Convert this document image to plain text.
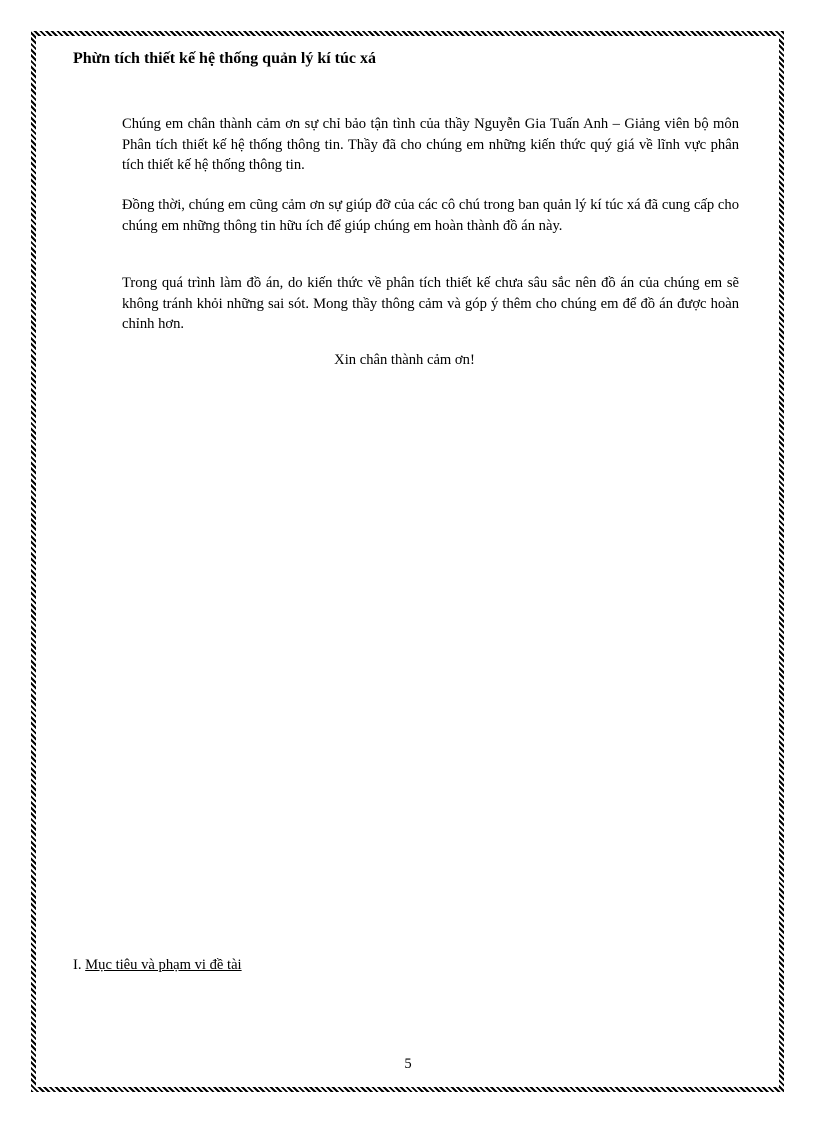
Phừn tích thiết kế hệ thống quản lý kí túc xá

Chúng em chân thành cảm ơn sự chỉ bảo tận tình của thầy Nguyễn Gia Tuấn Anh – Giảng viên bộ môn Phân tích thiết kế hệ thống thông tin. Thầy đã cho chúng em những kiến thức quý giá về lĩnh vực phân tích thiết kế hệ thống thông tin.

Đồng thời, chúng em cũng cảm ơn sự giúp đỡ của các cô chú trong ban quản lý kí túc xá đã cung cấp cho chúng em những thông tin hữu ích để giúp chúng em hoàn thành đồ án này.

Trong quá trình làm đồ án, do kiến thức về phân tích thiết kế chưa sâu sắc nên đồ án của chúng em sẽ không tránh khỏi những sai sót. Mong thầy thông cảm và góp ý thêm cho chúng em để đồ án được hoàn chỉnh hơn.

Xin chân thành cảm ơn!

I. Mục tiêu và phạm vi đề tài

5
